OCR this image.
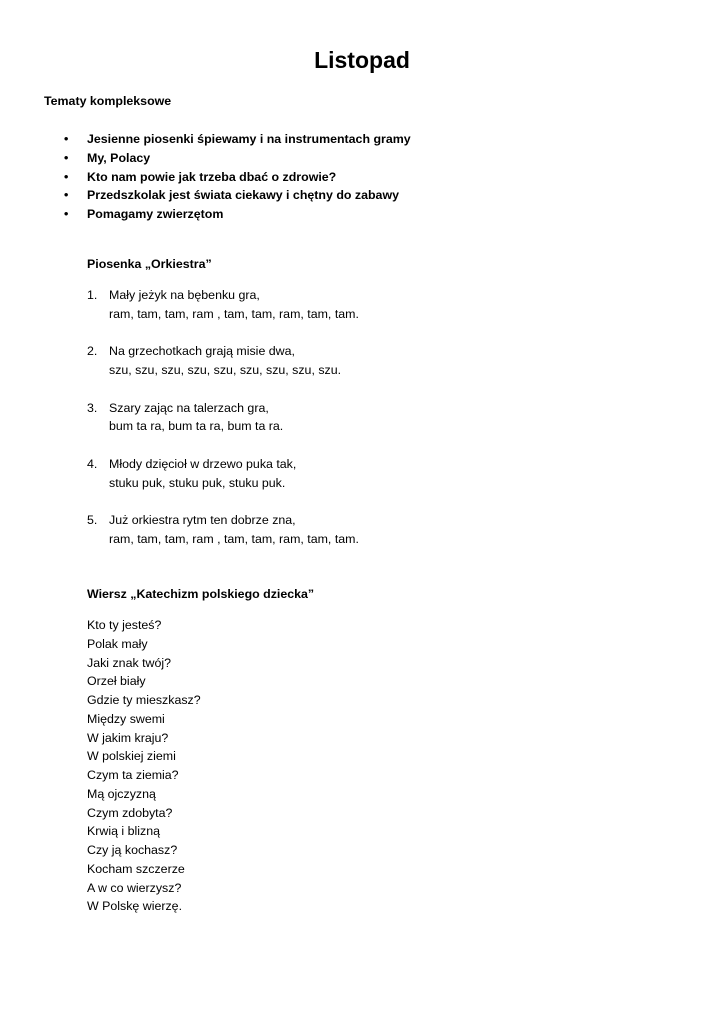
Listopad
Tematy kompleksowe
• Jesienne piosenki śpiewamy i na instrumentach gramy
• My, Polacy
• Kto nam powie jak trzeba dbać o zdrowie?
• Przedszkolak jest świata ciekawy i chętny do zabawy
• Pomagamy zwierzętom
Piosenka „Orkiestra”
1. Mały jeżyk na bębenku gra,
ram, tam, tam, ram , tam, tam, ram, tam, tam.
2. Na grzechotkach grają misie dwa,
szu, szu, szu, szu, szu, szu, szu, szu, szu.
3. Szary zając na talerzach gra,
bum ta ra, bum ta ra, bum ta ra.
4. Młody dzięcioł w drzewo puka tak,
stuku puk, stuku puk, stuku puk.
5. Już orkiestra rytm ten dobrze zna,
ram, tam, tam, ram , tam, tam, ram, tam, tam.
Wiersz „Katechizm polskiego dziecka”
Kto ty jesteś?
Polak mały
Jaki znak twój?
Orzeł biały
Gdzie ty mieszkasz?
Między swemi
W jakim kraju?
W polskiej ziemi
Czym ta ziemia?
Mą ojczyzną
Czym zdobyta?
Krwią i blizną
Czy ją kochasz?
Kocham szczerze
A w co wierzysz?
W Polskę wierzę.
